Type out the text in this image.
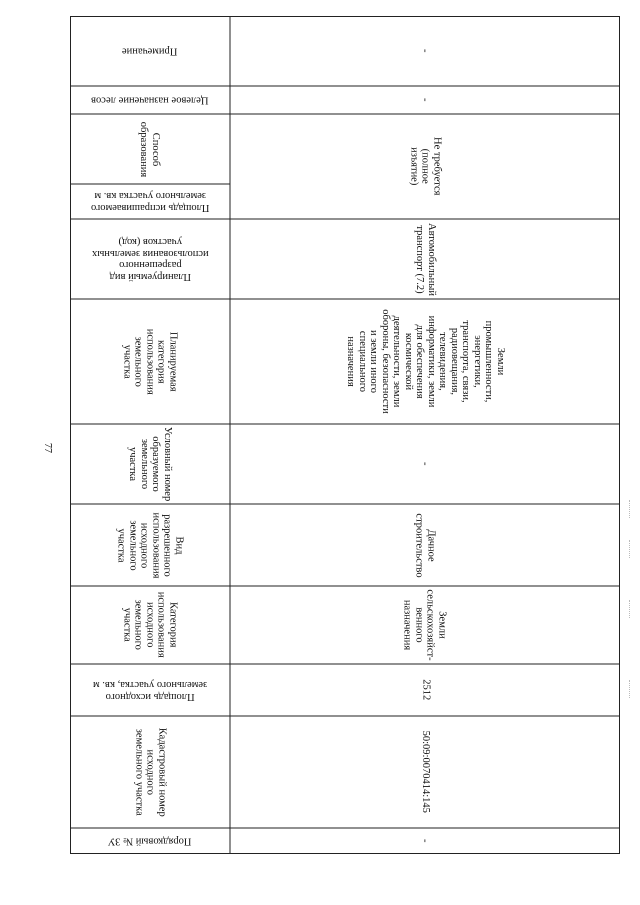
77
Примечание
Целевое назначение лесов
Способ
образования
Площадь испрашиваемого
земельного участка кв. м
Планируемый вид
разрешенного
использования земельных
участков (код)
Планируемая
категория
использования
земельного
участка
Условный номер
образуемого
земельного
участка
Вид
разрешенного
использования
исходного
земельного
участка
Категория
использования
исходного
земельного
участка
Площадь исходного
земельного участка, кв. м
Кадастровый номер
исходного
земельного участка
Порядковый № ЗУ
-
-
Не требуется
(полное
изъятие)
Автомобильный
транспорт (7.2)
Земли
промышленности,
энергетики,
транспорта, связи,
радиовещания,
телевидения,
информатики, земли
для обеспечения
космической
деятельности, земли
обороны, безопасности
и земли иного
специального
назначения
-
Дачное
строительство
Земли
сельскохозяйст-
венного
назначения
2512
50:09:0070414:145
-
